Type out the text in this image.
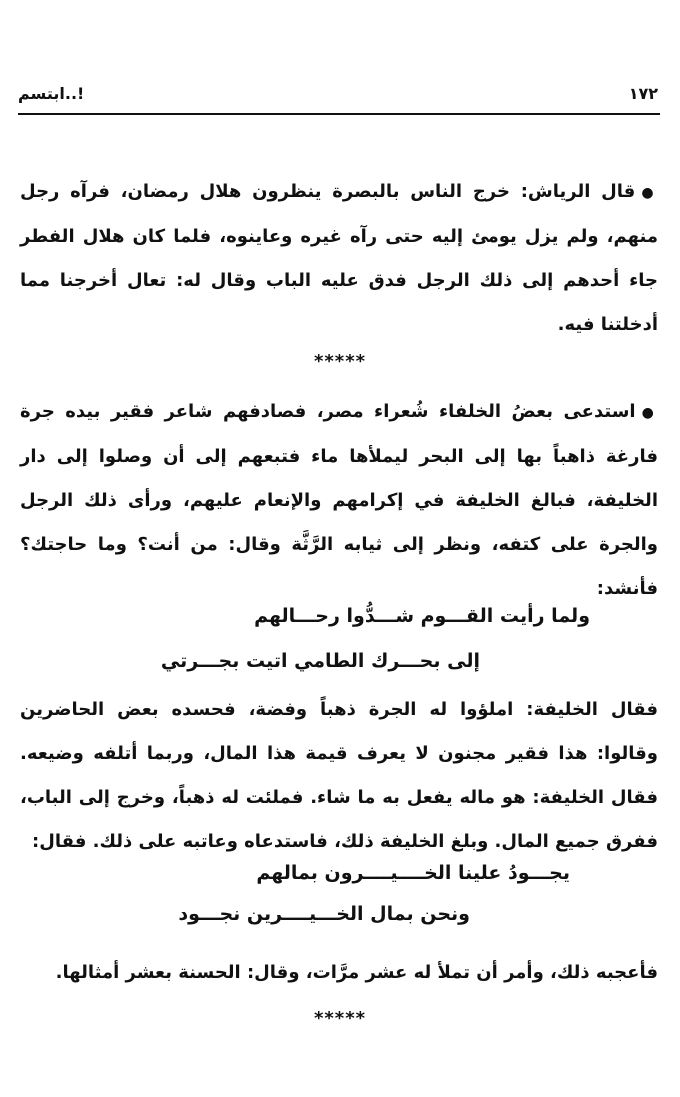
ابتسم..!	١٧٢
●قال الرياش: خرج الناس بالبصرة ينظرون هلال رمضان، فرآه رجل منهم، ولم يزل يومئ إليه حتى رآه غيره وعاينوه، فلما كان هلال الفطر جاء أحدهم إلى ذلك الرجل فدق عليه الباب وقال له: تعال أخرجنا مما أدخلتنا فيه.
*****
●استدعى بعضُ الخلفاء شُعراء مصر، فصادفهم شاعر فقير بيده جرة فارغة ذاهباً بها إلى البحر ليملأها ماء فتبعهم إلى أن وصلوا إلى دار الخليفة، فبالغ الخليفة في إكرامهم والإنعام عليهم، ورأى ذلك الرجل والجرة على كتفه، ونظر إلى ثيابه الرَّثَّة وقال: من أنت؟ وما حاجتك؟ فأنشد:
ولما رأيت القـــوم شـــدُّوا رحـــالهم
إلى بحـــرك الطامي اتيت بجـــرتي
فقال الخليفة: املؤوا له الجرة ذهباً وفضة، فحسده بعض الحاضرين وقالوا: هذا فقير مجنون لا يعرف قيمة هذا المال، وربما أتلفه وضيعه. فقال الخليفة: هو ماله يفعل به ما شاء. فملئت له ذهباً، وخرج إلى الباب، ففرق جميع المال. وبلغ الخليفة ذلك، فاستدعاه وعاتبه على ذلك. فقال:
يجـــودُ علينا الخــــيــــرون بمالهم
ونحن بمال الخـــيــــرين نجـــود
فأعجبه ذلك، وأمر أن تملأ له عشر مرَّات، وقال: الحسنة بعشر أمثالها.
*****
